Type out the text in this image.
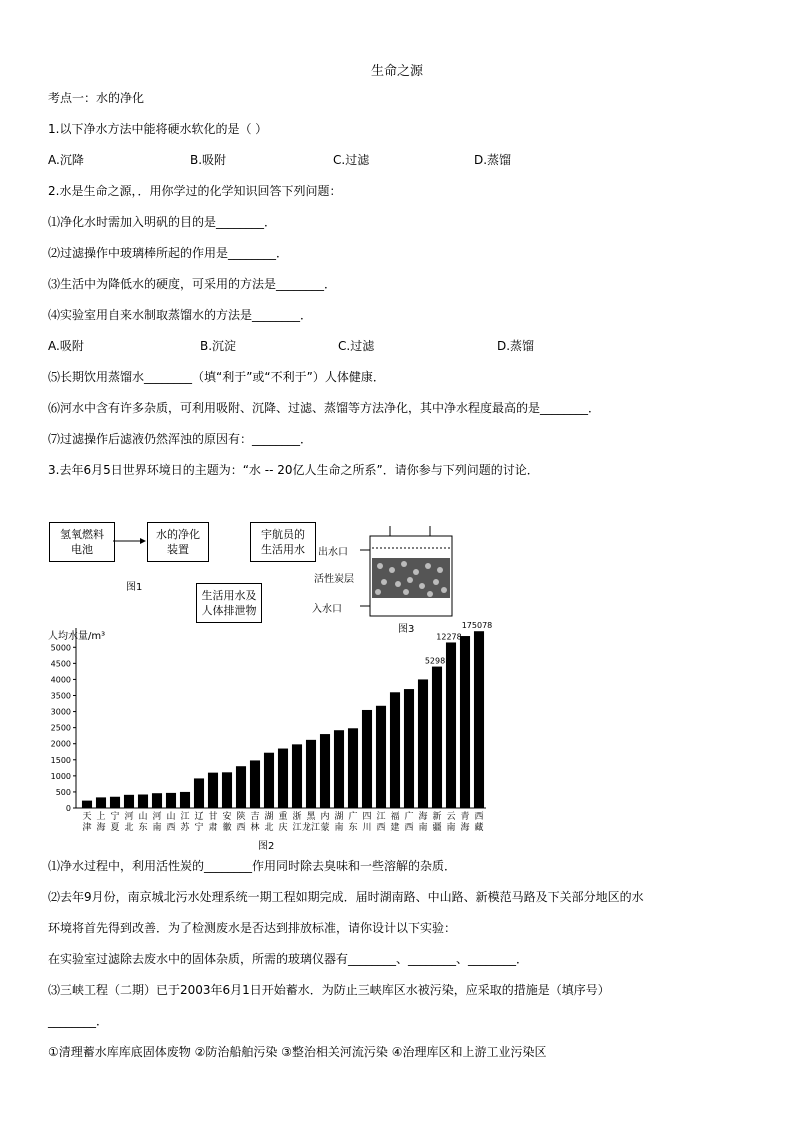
生命之源
考点一：水的净化
1.以下净水方法中能将硬水软化的是（ ）
A.沉降	B.吸附	C.过滤	D.蒸馏
2.水是生命之源，．用你学过的化学知识回答下列问题：
⑴净化水时需加入明矾的目的是________．
⑵过滤操作中玻璃棒所起的作用是________．
⑶生活中为降低水的硬度，可采用的方法是________．
⑷实验室用自来水制取蒸馏水的方法是________．
A.吸附	B.沉淀	C.过滤	D.蒸馏
⑸长期饮用蒸馏水________（填“利于”或“不利于”）人体健康．
⑹河水中含有许多杂质，可利用吸附、沉降、过滤、蒸馏等方法净化，其中净水程度最高的是________．
⑺过滤操作后滤液仍然浑浊的原因有：________．
3.去年6月5日世界环境日的主题为：“水 -- 20亿人生命之所系”．请你参与下列问题的讨论．
氢氧燃料
电池
水的净化
装置
宇航员的
生活用水
生活用水及
人体排泄物
图1
出水口
活性炭层
入水口
图3
人均水量/m³
0
500
1000
1500
2000
2500
3000
3500
4000
4500
5000
天
津
上
海
宁
夏
河
北
山
东
河
南
山
西
江
苏
辽
宁
甘
肃
安
徽
陕
西
吉
林
湖
北
重
庆
浙
江
黑
龙江
内
蒙
湖
南
广
东
四
川
江
西
福
建
广
西
海
南
新
疆
云
南
青
海
西
藏
5298
12278
175078
图2
⑴净水过程中，利用活性炭的________作用同时除去臭味和一些溶解的杂质．
⑵去年9月份，南京城北污水处理系统一期工程如期完成．届时湖南路、中山路、新模范马路及下关部分地区的水
环境将首先得到改善．为了检测废水是否达到排放标准，请你设计以下实验：
在实验室过滤除去废水中的固体杂质，所需的玻璃仪器有________、________、________．
⑶三峡工程（二期）已于2003年6月1日开始蓄水．为防止三峡库区水被污染，应采取的措施是（填序号）
________．
①清理蓄水库库底固体废物 ②防治船舶污染 ③整治相关河流污染 ④治理库区和上游工业污染区
